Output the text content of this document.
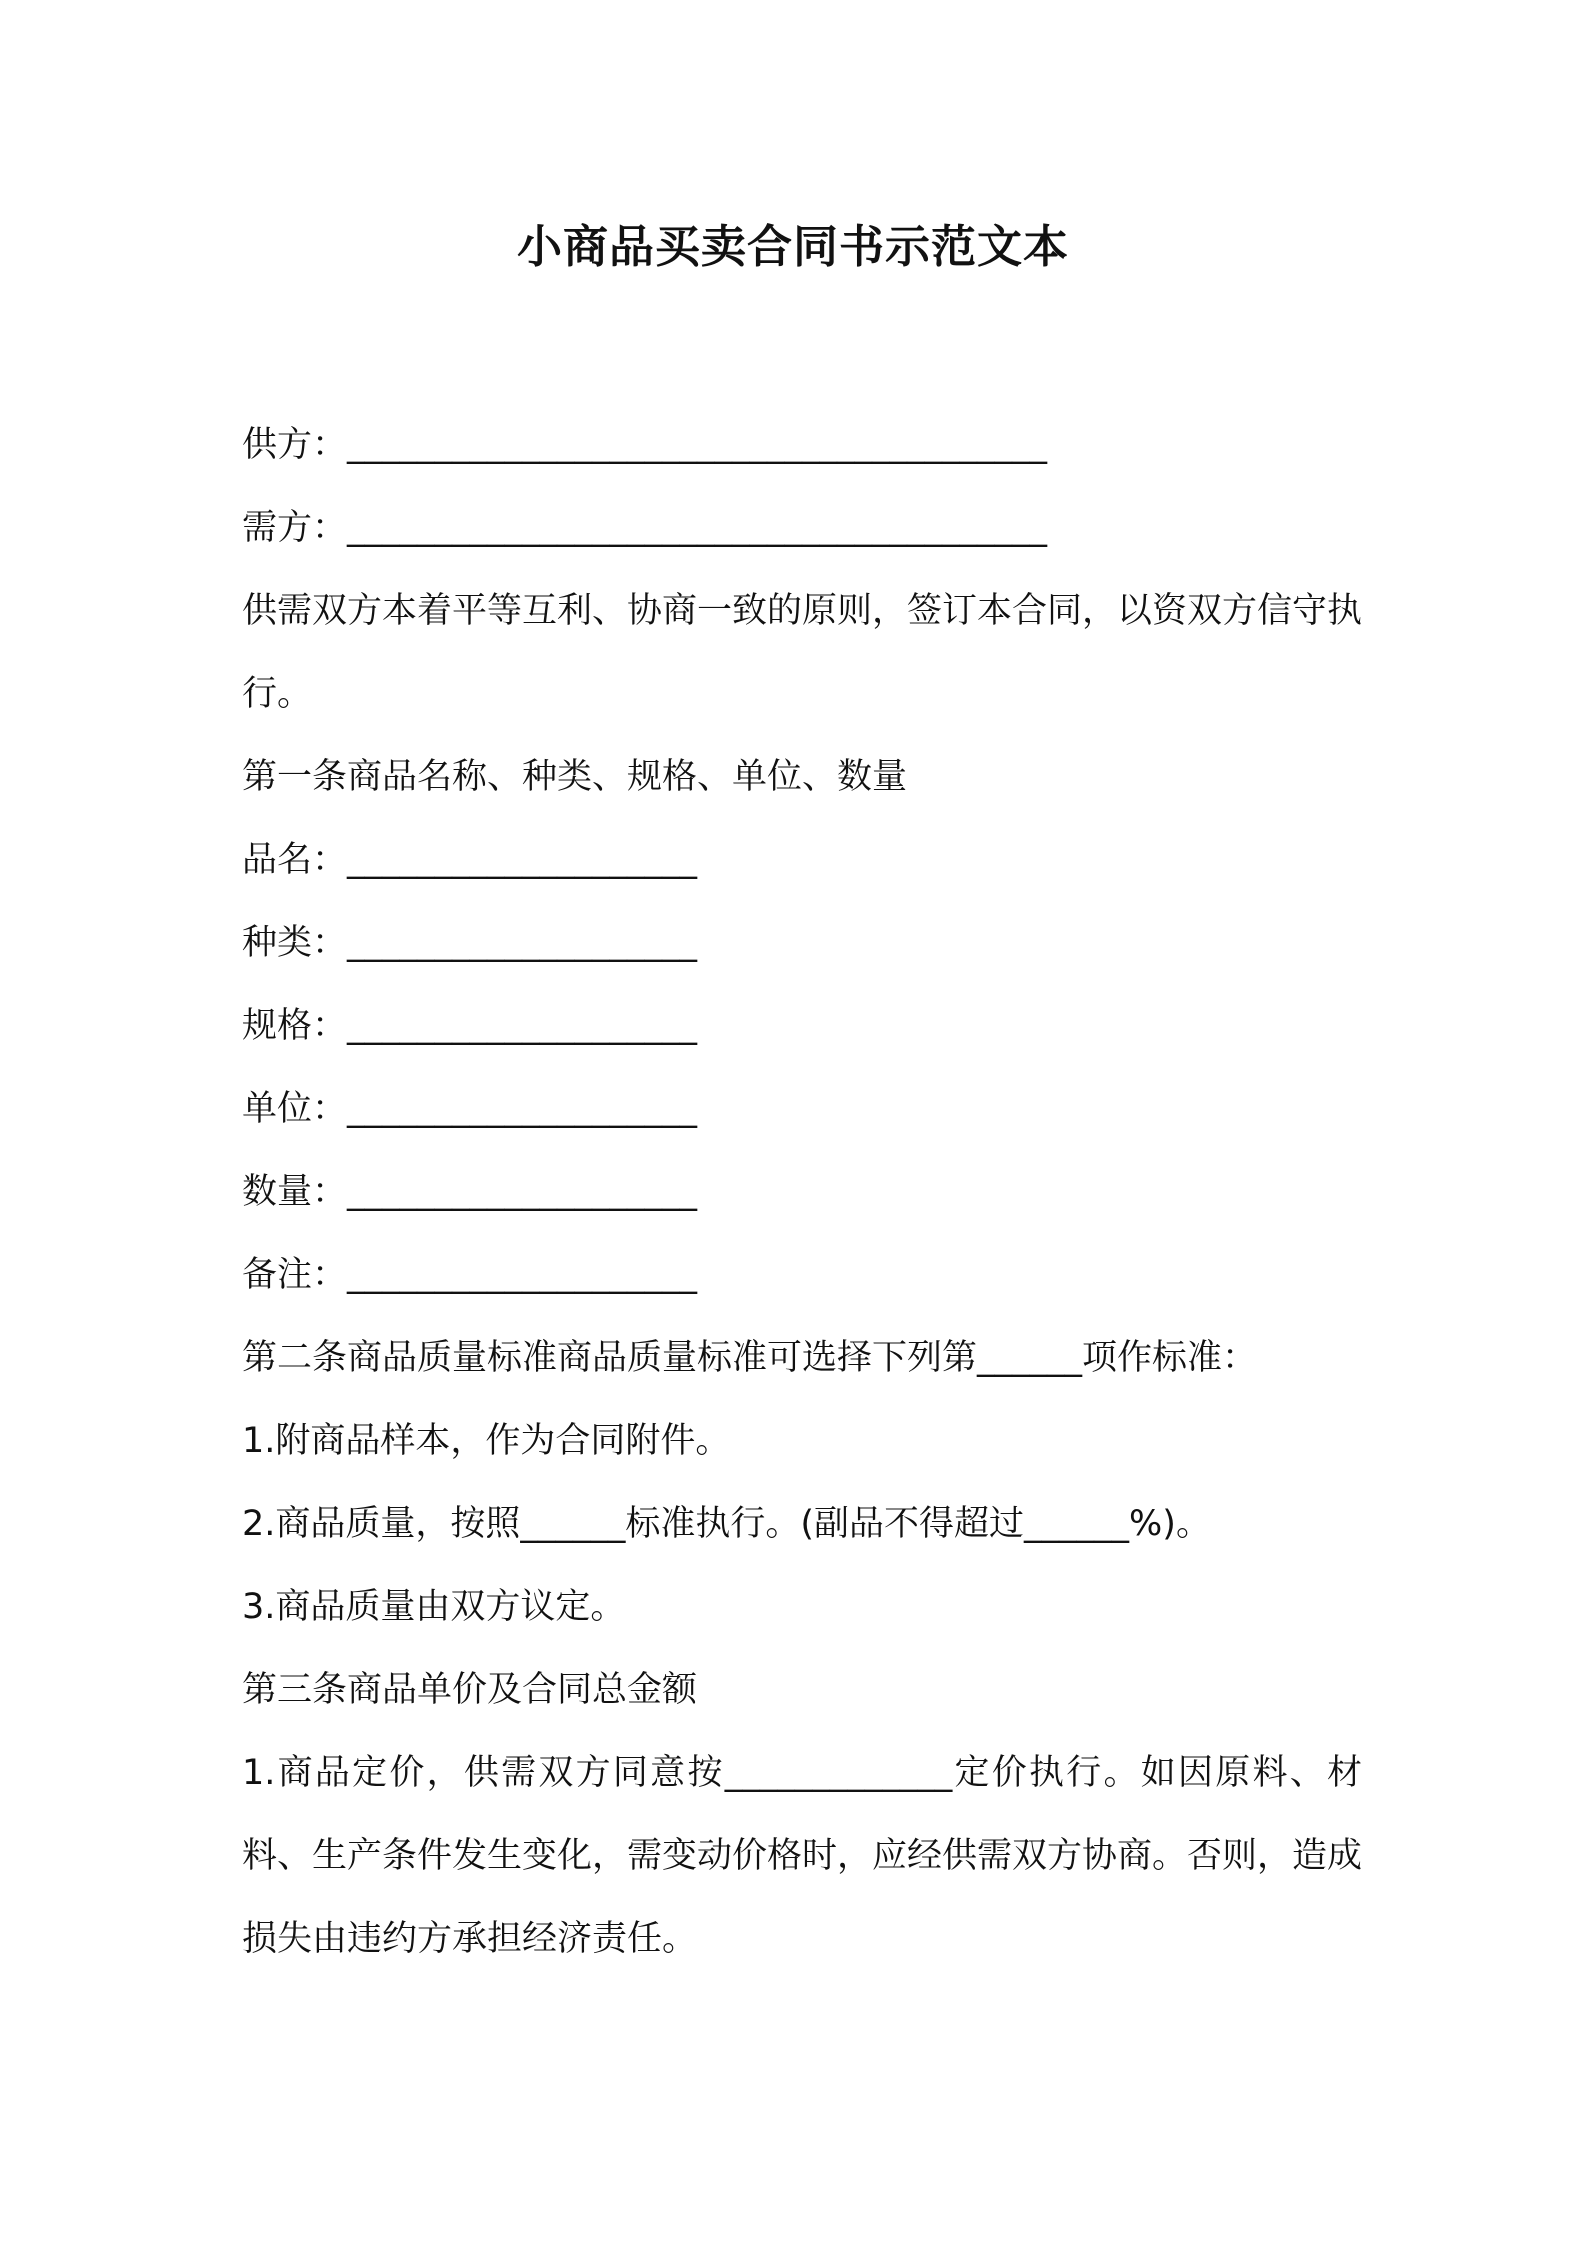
小商品买卖合同书示范文本

供方：________________________________________

需方：________________________________________

供需双方本着平等互利、协商一致的原则，签订本合同，以资双方信守执行。

第一条商品名称、种类、规格、单位、数量

品名：____________________

种类：____________________

规格：____________________

单位：____________________

数量：____________________

备注：____________________

第二条商品质量标准商品质量标准可选择下列第______项作标准：

1.附商品样本，作为合同附件。

2.商品质量，按照______标准执行。(副品不得超过______%)。

3.商品质量由双方议定。

第三条商品单价及合同总金额

1.商品定价，供需双方同意按_____________定价执行。如因原料、材料、生产条件发生变化，需变动价格时，应经供需双方协商。否则，造成损失由违约方承担经济责任。
